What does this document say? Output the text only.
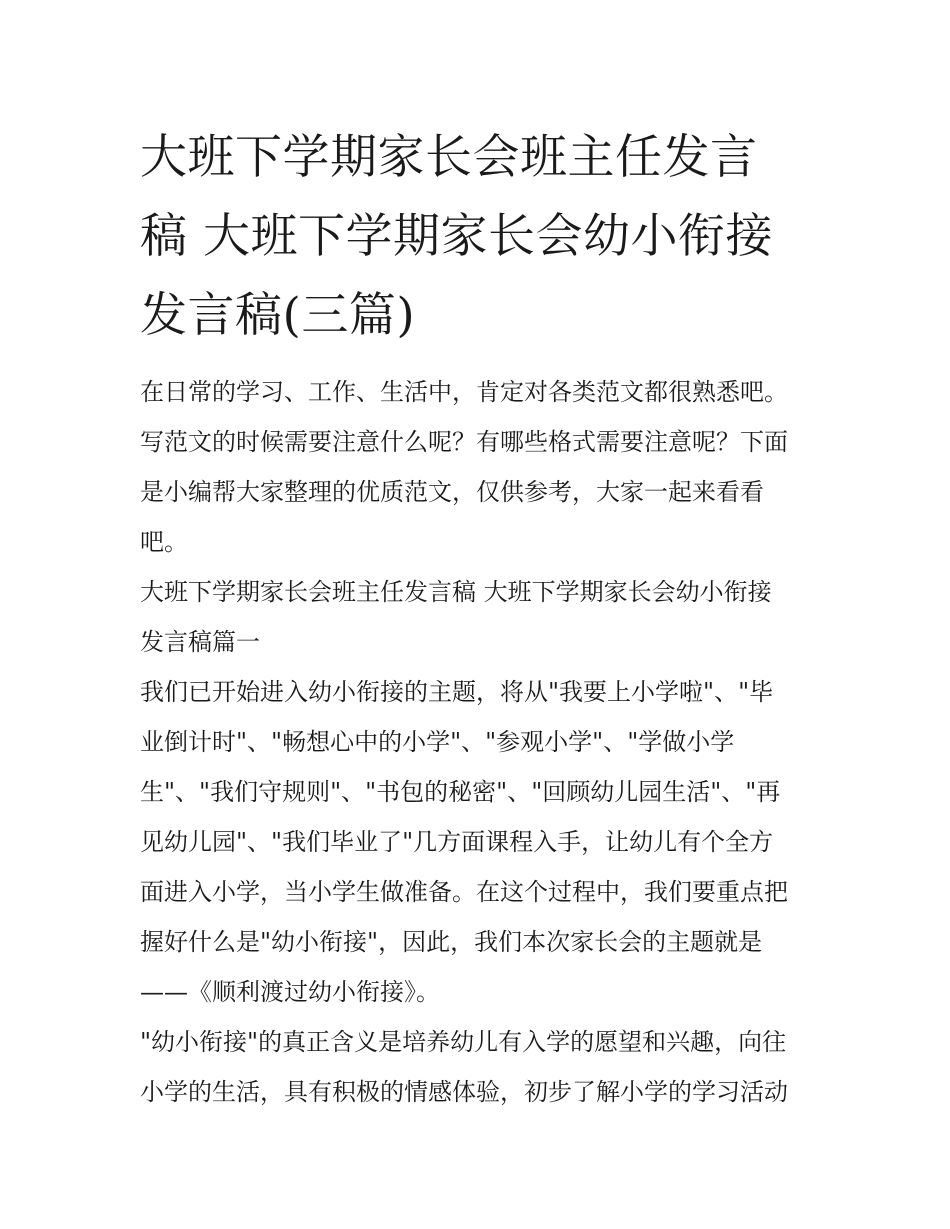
大班下学期家长会班主任发言
稿 大班下学期家长会幼小衔接
发言稿(三篇)
在日常的学习、工作、生活中，肯定对各类范文都很熟悉吧。
写范文的时候需要注意什么呢？有哪些格式需要注意呢？下面
是小编帮大家整理的优质范文，仅供参考，大家一起来看看
吧。
大班下学期家长会班主任发言稿 大班下学期家长会幼小衔接
发言稿篇一
我们已开始进入幼小衔接的主题，将从"我要上小学啦"、"毕
业倒计时"、"畅想心中的小学"、"参观小学"、"学做小学
生"、"我们守规则"、"书包的秘密"、"回顾幼儿园生活"、"再
见幼儿园"、"我们毕业了"几方面课程入手，让幼儿有个全方
面进入小学，当小学生做准备。在这个过程中，我们要重点把
握好什么是"幼小衔接"，因此，我们本次家长会的主题就是
——《顺利渡过幼小衔接》。
"幼小衔接"的真正含义是培养幼儿有入学的愿望和兴趣，向往
小学的生活，具有积极的情感体验，初步了解小学的学习活动
